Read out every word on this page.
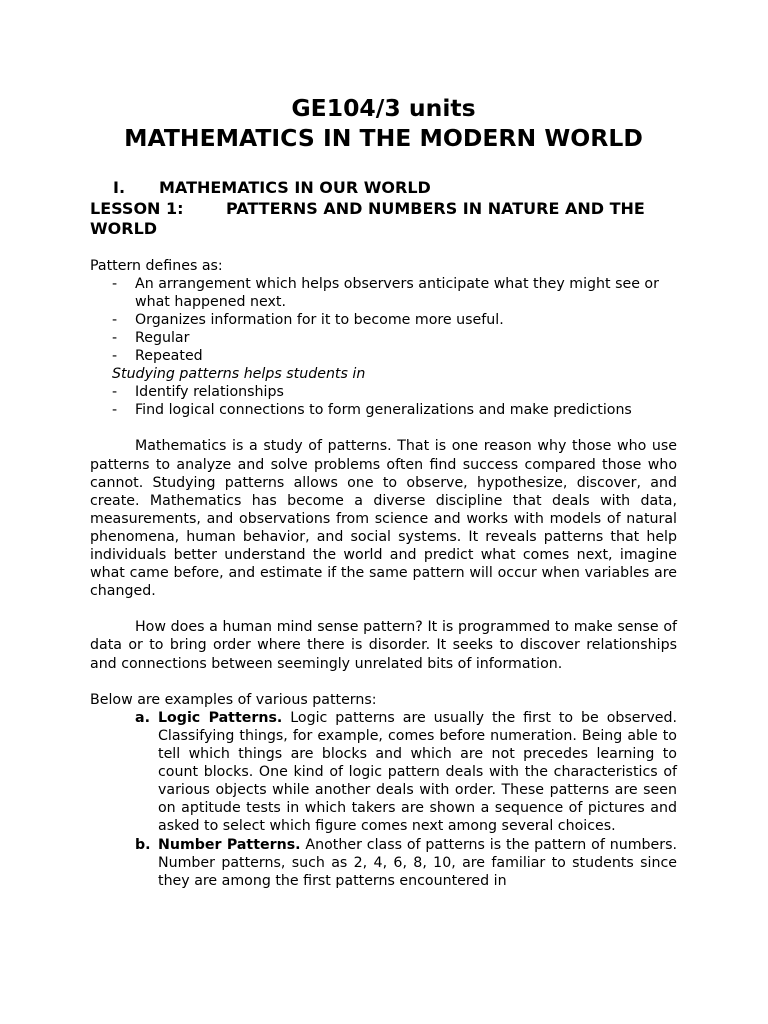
GE104/3 units
MATHEMATICS IN THE MODERN WORLD
I. MATHEMATICS IN OUR WORLD
LESSON 1:	PATTERNS AND NUMBERS IN NATURE AND THE WORLD

Pattern defines as:

- An arrangement which helps observers anticipate what they might see or what happened next.
- Organizes information for it to become more useful.
- Regular
- Repeated

Studying patterns helps students in

- Identify relationships
- Find logical connections to form generalizations and make predictions

Mathematics is a study of patterns. That is one reason why those who use patterns to analyze and solve problems often find success compared those who cannot. Studying patterns allows one to observe, hypothesize, discover, and create. Mathematics has become a diverse discipline that deals with data, measurements, and observations from science and works with models of natural phenomena, human behavior, and social systems. It reveals patterns that help individuals better understand the world and predict what comes next, imagine what came before, and estimate if the same pattern will occur when variables are changed.

How does a human mind sense pattern? It is programmed to make sense of data or to bring order where there is disorder. It seeks to discover relationships and connections between seemingly unrelated bits of information.

Below are examples of various patterns:

a. Logic Patterns. Logic patterns are usually the first to be observed. Classifying things, for example, comes before numeration. Being able to tell which things are blocks and which are not precedes learning to count blocks. One kind of logic pattern deals with the characteristics of various objects while another deals with order. These patterns are seen on aptitude tests in which takers are shown a sequence of pictures and asked to select which figure comes next among several choices.
b. Number Patterns. Another class of patterns is the pattern of numbers. Number patterns, such as 2, 4, 6, 8, 10, are familiar to students since they are among the first patterns encountered in
